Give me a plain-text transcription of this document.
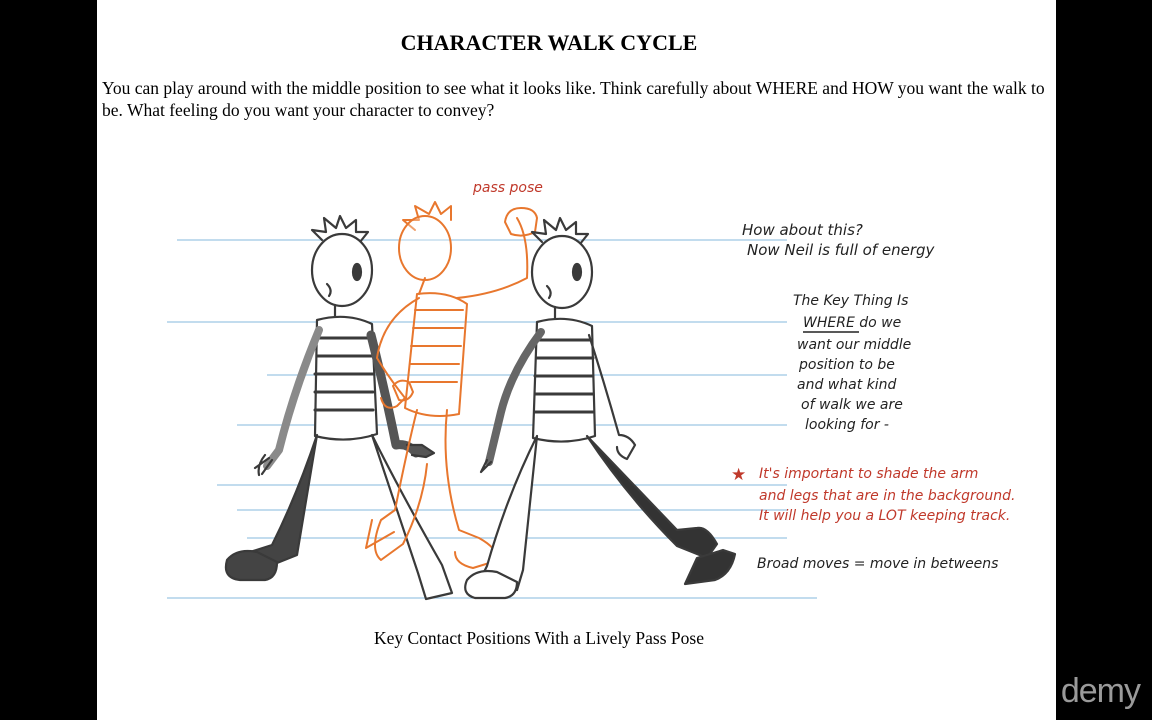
CHARACTER WALK CYCLE
You can play around with the middle position to see what it looks like. Think carefully about WHERE and HOW you want the walk to be. What feeling do you want your character to convey?
pass pose
How about this?
Now Neil is full of energy
The Key Thing Is
WHERE do we
want our middle
position to be
and what kind
of walk we are
looking for -
★ It's important to shade the arm
and legs that are in the background.
It will help you a LOT keeping track.
Broad moves = move in betweens
Key Contact Positions With a Lively Pass Pose
demy
